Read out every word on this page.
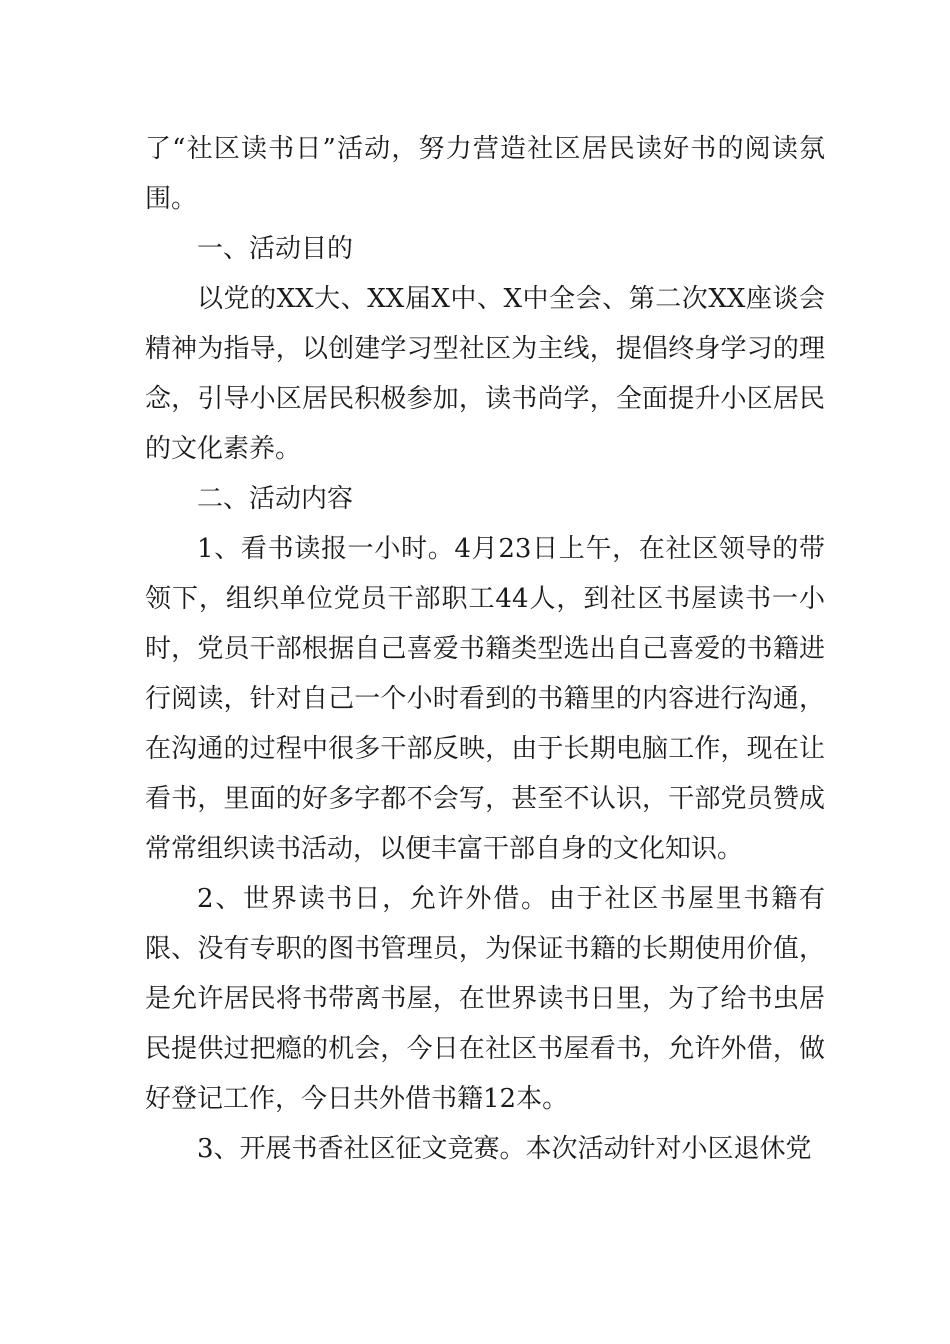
了“社区读书日”活动，努力营造社区居民读好书的阅读氛围。

一、活动目的

以党的XX大、XX届X中、X中全会、第二次XX座谈会精神为指导，以创建学习型社区为主线，提倡终身学习的理念，引导小区居民积极参加，读书尚学，全面提升小区居民的文化素养。

二、活动内容

1、看书读报一小时。4月23日上午，在社区领导的带领下，组织单位党员干部职工44人，到社区书屋读书一小时，党员干部根据自己喜爱书籍类型选出自己喜爱的书籍进行阅读，针对自己一个小时看到的书籍里的内容进行沟通，在沟通的过程中很多干部反映，由于长期电脑工作，现在让看书，里面的好多字都不会写，甚至不认识，干部党员赞成常常组织读书活动，以便丰富干部自身的文化知识。

2、世界读书日，允许外借。由于社区书屋里书籍有限、没有专职的图书管理员，为保证书籍的长期使用价值，是允许居民将书带离书屋，在世界读书日里，为了给书虫居民提供过把瘾的机会，今日在社区书屋看书，允许外借，做好登记工作，今日共外借书籍12本。

3、开展书香社区征文竞赛。本次活动针对小区退休党
